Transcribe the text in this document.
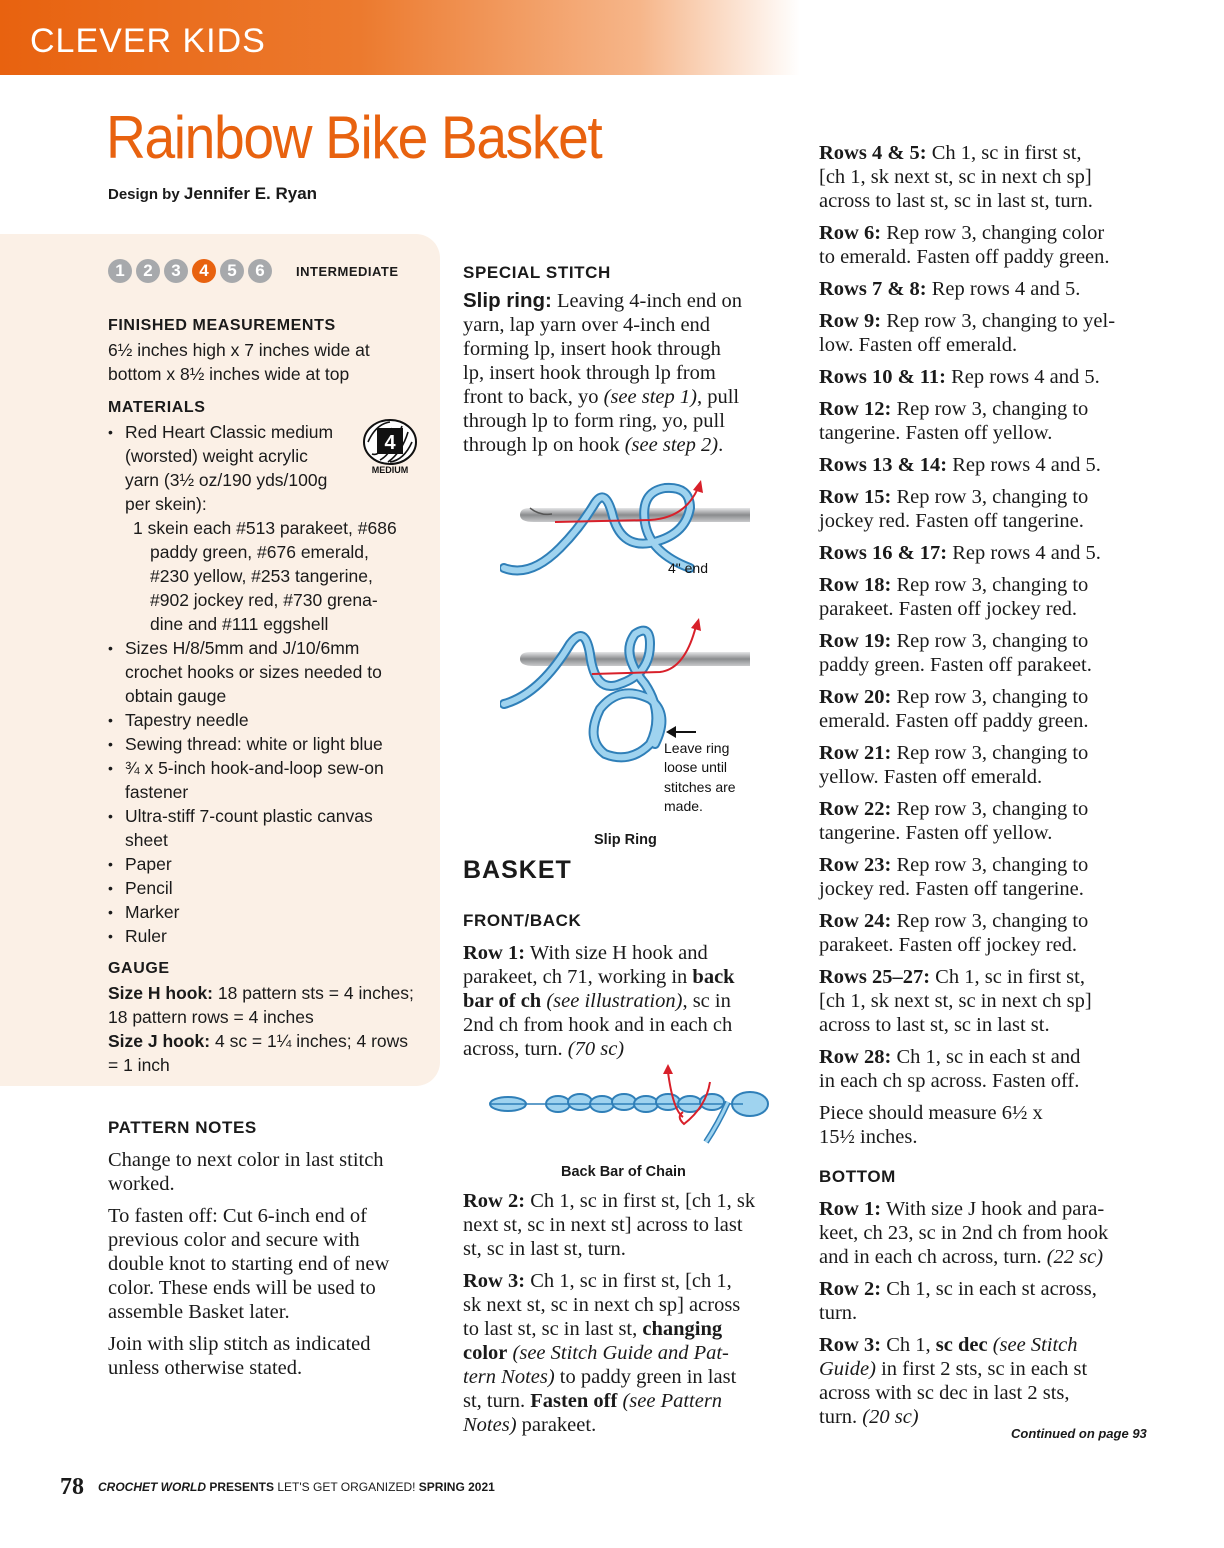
CLEVER KIDS
Rainbow Bike Basket
Design by Jennifer E. Ryan
1	2	3	4	5	6	INTERMEDIATE
FINISHED MEASUREMENTS
6½ inches high x 7 inches wide at
bottom x 8½ inches wide at top
MATERIALS
• Red Heart Classic medium
(worsted) weight acrylic
yarn (3½ oz/190 yds/100g
per skein):
1 skein each #513 parakeet, #686
paddy green, #676 emerald,
#230 yellow, #253 tangerine,
#902 jockey red, #730 grena-
dine and #111 eggshell
• Sizes H/8/5mm and J/10/6mm
crochet hooks or sizes needed to
obtain gauge
• Tapestry needle
• Sewing thread: white or light blue
• ¾ x 5-inch hook-and-loop sew-on
fastener
• Ultra-stiff 7-count plastic canvas
sheet
• Paper
• Pencil
• Marker
• Ruler
4
MEDIUM
GAUGE
Size H hook: 18 pattern sts = 4 inches;
18 pattern rows = 4 inches
Size J hook: 4 sc = 1¼ inches; 4 rows
= 1 inch
PATTERN NOTES

Change to next color in last stitch
worked.

To fasten off: Cut 6-inch end of
previous color and secure with
double knot to starting end of new
color. These ends will be used to
assemble Basket later.

Join with slip stitch as indicated
unless otherwise stated.

SPECIAL STITCH
Slip ring: Leaving 4-inch end on
yarn, lap yarn over 4-inch end
forming lp, insert hook through
lp, insert hook through lp from
front to back, yo (see step 1), pull
through lp to form ring, yo, pull
through lp on hook (see step 2).
4" end
Leave ring loose until stitches are made.
Slip Ring
BASKET
FRONT/BACK
Row 1: With size H hook and
parakeet, ch 71, working in back
bar of ch (see illustration), sc in
2nd ch from hook and in each ch
across, turn. (70 sc)
Back Bar of Chain

Row 2: Ch 1, sc in first st, [ch 1, sk
next st, sc in next st] across to last
st, sc in last st, turn.

Row 3: Ch 1, sc in first st, [ch 1,
sk next st, sc in next ch sp] across
to last st, sc in last st, changing
color (see Stitch Guide and Pat-
tern Notes) to paddy green in last
st, turn. Fasten off (see Pattern
Notes) parakeet.

Rows 4 & 5: Ch 1, sc in first st,
[ch 1, sk next st, sc in next ch sp]
across to last st, sc in last st, turn.

Row 6: Rep row 3, changing color
to emerald. Fasten off paddy green.

Rows 7 & 8: Rep rows 4 and 5.

Row 9: Rep row 3, changing to yel-
low. Fasten off emerald.

Rows 10 & 11: Rep rows 4 and 5.

Row 12: Rep row 3, changing to
tangerine. Fasten off yellow.

Rows 13 & 14: Rep rows 4 and 5.

Row 15: Rep row 3, changing to
jockey red. Fasten off tangerine.

Rows 16 & 17: Rep rows 4 and 5.

Row 18: Rep row 3, changing to
parakeet. Fasten off jockey red.

Row 19: Rep row 3, changing to
paddy green. Fasten off parakeet.

Row 20: Rep row 3, changing to
emerald. Fasten off paddy green.

Row 21: Rep row 3, changing to
yellow. Fasten off emerald.

Row 22: Rep row 3, changing to
tangerine. Fasten off yellow.

Row 23: Rep row 3, changing to
jockey red. Fasten off tangerine.

Row 24: Rep row 3, changing to
parakeet. Fasten off jockey red.

Rows 25–27: Ch 1, sc in first st,
[ch 1, sk next st, sc in next ch sp]
across to last st, sc in last st.

Row 28: Ch 1, sc in each st and
in each ch sp across. Fasten off.

Piece should measure 6½ x
15½ inches.

BOTTOM

Row 1: With size J hook and para-
keet, ch 23, sc in 2nd ch from hook
and in each ch across, turn. (22 sc)

Row 2: Ch 1, sc in each st across,
turn.

Row 3: Ch 1, sc dec (see Stitch
Guide) in first 2 sts, sc in each st
across with sc dec in last 2 sts,
turn. (20 sc)
Continued on page 93
78 CROCHET WORLD PRESENTS LET'S GET ORGANIZED! SPRING 2021
